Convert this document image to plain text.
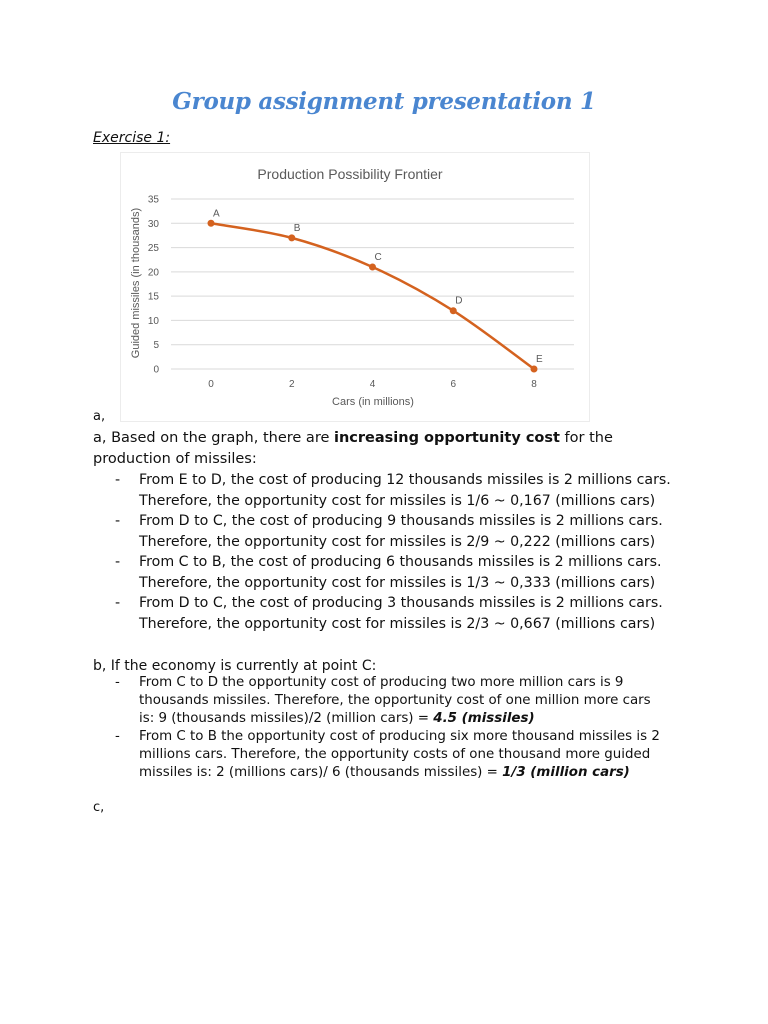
Group assignment presentation 1
Exercise 1:
Production Possibility Frontier
0
5
10
15
20
25
30
35
0	2	4	6	8
A
B
C
D
E
Cars (in millions)
Guided missiles (in thousands)
a,
a, Based on the graph, there are increasing opportunity cost for the production of missiles:
- From E to D, the cost of producing 12 thousands missiles is 2 millions cars. Therefore, the opportunity cost for missiles is 1/6 ~ 0,167 (millions cars)
- From D to C, the cost of producing 9 thousands missiles is 2 millions cars. Therefore, the opportunity cost for missiles is 2/9 ~ 0,222 (millions cars)
- From C to B, the cost of producing 6 thousands missiles is 2 millions cars. Therefore, the opportunity cost for missiles is 1/3 ~ 0,333 (millions cars)
- From D to C, the cost of producing 3 thousands missiles is 2 millions cars. Therefore, the opportunity cost for missiles is 2/3 ~ 0,667 (millions cars)
b, If the economy is currently at point C:
- From C to D the opportunity cost of producing two more million cars is 9 thousands missiles. Therefore, the opportunity cost of one million more cars is: 9 (thousands missiles)/2 (million cars) = 4.5 (missiles)
- From C to B the opportunity cost of producing six more thousand missiles is 2 millions cars. Therefore, the opportunity costs of one thousand more guided missiles is: 2 (millions cars)/ 6 (thousands missiles) = 1/3 (million cars)
c,
